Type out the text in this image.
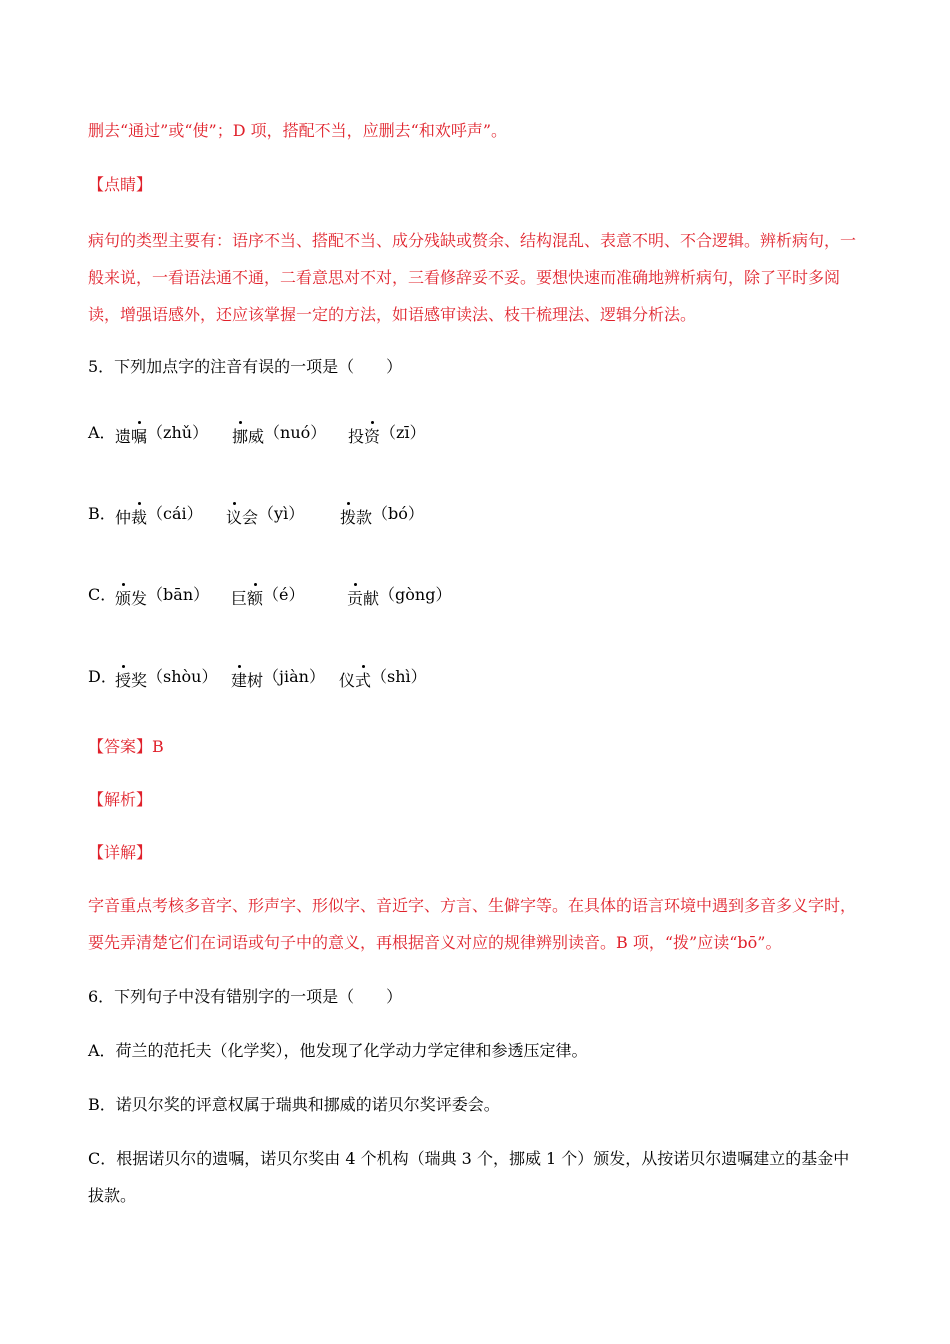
删去“通过”或“使”；D 项，搭配不当，应删去“和欢呼声”。
【点睛】
病句的类型主要有：语序不当、搭配不当、成分残缺或赘余、结构混乱、表意不明、不合逻辑。辨析病句，一般来说，一看语法通不通，二看意思对不对，三看修辞妥不妥。要想快速而准确地辨析病句，除了平时多阅读，增强语感外，还应该掌握一定的方法，如语感审读法、枝干梳理法、逻辑分析法。
5．下列加点字的注音有误的一项是（　　）
A． 遗嘱（zhǔ） 挪威（nuó） 投资（zī）
B． 仲裁（cái） 议会（yì） 拨款（bó）
C．
颁发（bān） 巨额（é）	贡献（gòng）
D．
授奖（shòu） 建树（jiàn） 仪式（shì）
【答案】B
【解析】
【详解】
字音重点考核多音字、形声字、形似字、音近字、方言、生僻字等。在具体的语言环境中遇到多音多义字时，要先弄清楚它们在词语或句子中的意义，再根据音义对应的规律辨别读音。B 项，“拨”应读“bō”。
6．下列句子中没有错别字的一项是（　　）
A．荷兰的范托夫（化学奖），他发现了化学动力学定律和参透压定律。
B．诺贝尔奖的评意权属于瑞典和挪威的诺贝尔奖评委会。
C．根据诺贝尔的遗嘱，诺贝尔奖由 4 个机构（瑞典 3 个，挪威 1 个）颁发，从按诺贝尔遗嘱建立的基金中拔款。
